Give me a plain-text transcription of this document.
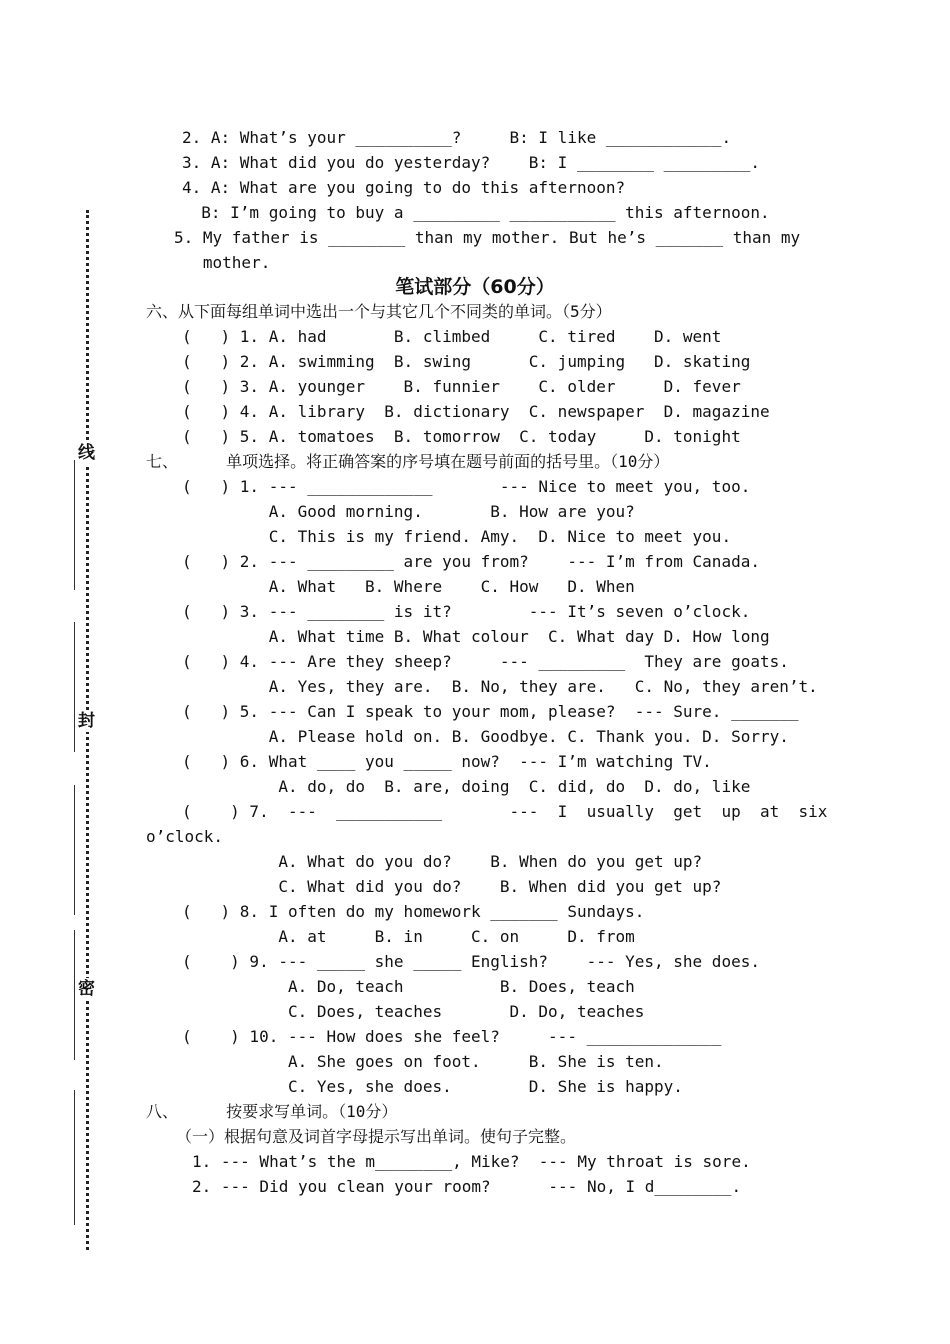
线
封
密
2. A: What’s your __________?     B: I like ____________.
3. A: What did you do yesterday?    B: I ________ _________.
4. A: What are you going to do this afternoon?
B: I’m going to buy a _________ ___________ this afternoon.
5. My father is ________ than my mother. But he’s _______ than my
mother.
笔试部分（60分）
六、从下面每组单词中选出一个与其它几个不同类的单词。（5分）
(   ) 1. A. had       B. climbed     C. tired    D. went
(   ) 2. A. swimming  B. swing      C. jumping   D. skating
(   ) 3. A. younger    B. funnier    C. older     D. fever
(   ) 4. A. library  B. dictionary  C. newspaper  D. magazine
(   ) 5. A. tomatoes  B. tomorrow  C. today     D. tonight
七、     单项选择。将正确答案的序号填在题号前面的括号里。（10分）
(   ) 1. --- _____________       --- Nice to meet you, too.
A. Good morning.       B. How are you?
C. This is my friend. Amy.  D. Nice to meet you.
(   ) 2. --- _________ are you from?    --- I’m from Canada.
A. What   B. Where    C. How   D. When
(   ) 3. --- ________ is it?        --- It’s seven o’clock.
A. What time B. What colour  C. What day D. How long
(   ) 4. --- Are they sheep?     --- _________  They are goats.
A. Yes, they are.  B. No, they are.   C. No, they aren’t.
(   ) 5. --- Can I speak to your mom, please?  --- Sure. _______
A. Please hold on. B. Goodbye. C. Thank you. D. Sorry.
(   ) 6. What ____ you _____ now?  --- I’m watching TV.
A. do, do  B. are, doing  C. did, do  D. do, like
(    ) 7.  ---  ___________       ---  I  usually  get  up  at  six
o’clock.
A. What do you do?    B. When do you get up?
C. What did you do?    B. When did you get up?
(   ) 8. I often do my homework _______ Sundays.
A. at     B. in     C. on     D. from
(    ) 9. --- _____ she _____ English?    --- Yes, she does.
A. Do, teach          B. Does, teach
C. Does, teaches       D. Do, teaches
(    ) 10. --- How does she feel?     --- ______________
A. She goes on foot.     B. She is ten.
C. Yes, she does.        D. She is happy.
八、     按要求写单词。（10分）
（一）根据句意及词首字母提示写出单词。使句子完整。
1. --- What’s the m________, Mike?  --- My throat is sore.
2. --- Did you clean your room?      --- No, I d________.
